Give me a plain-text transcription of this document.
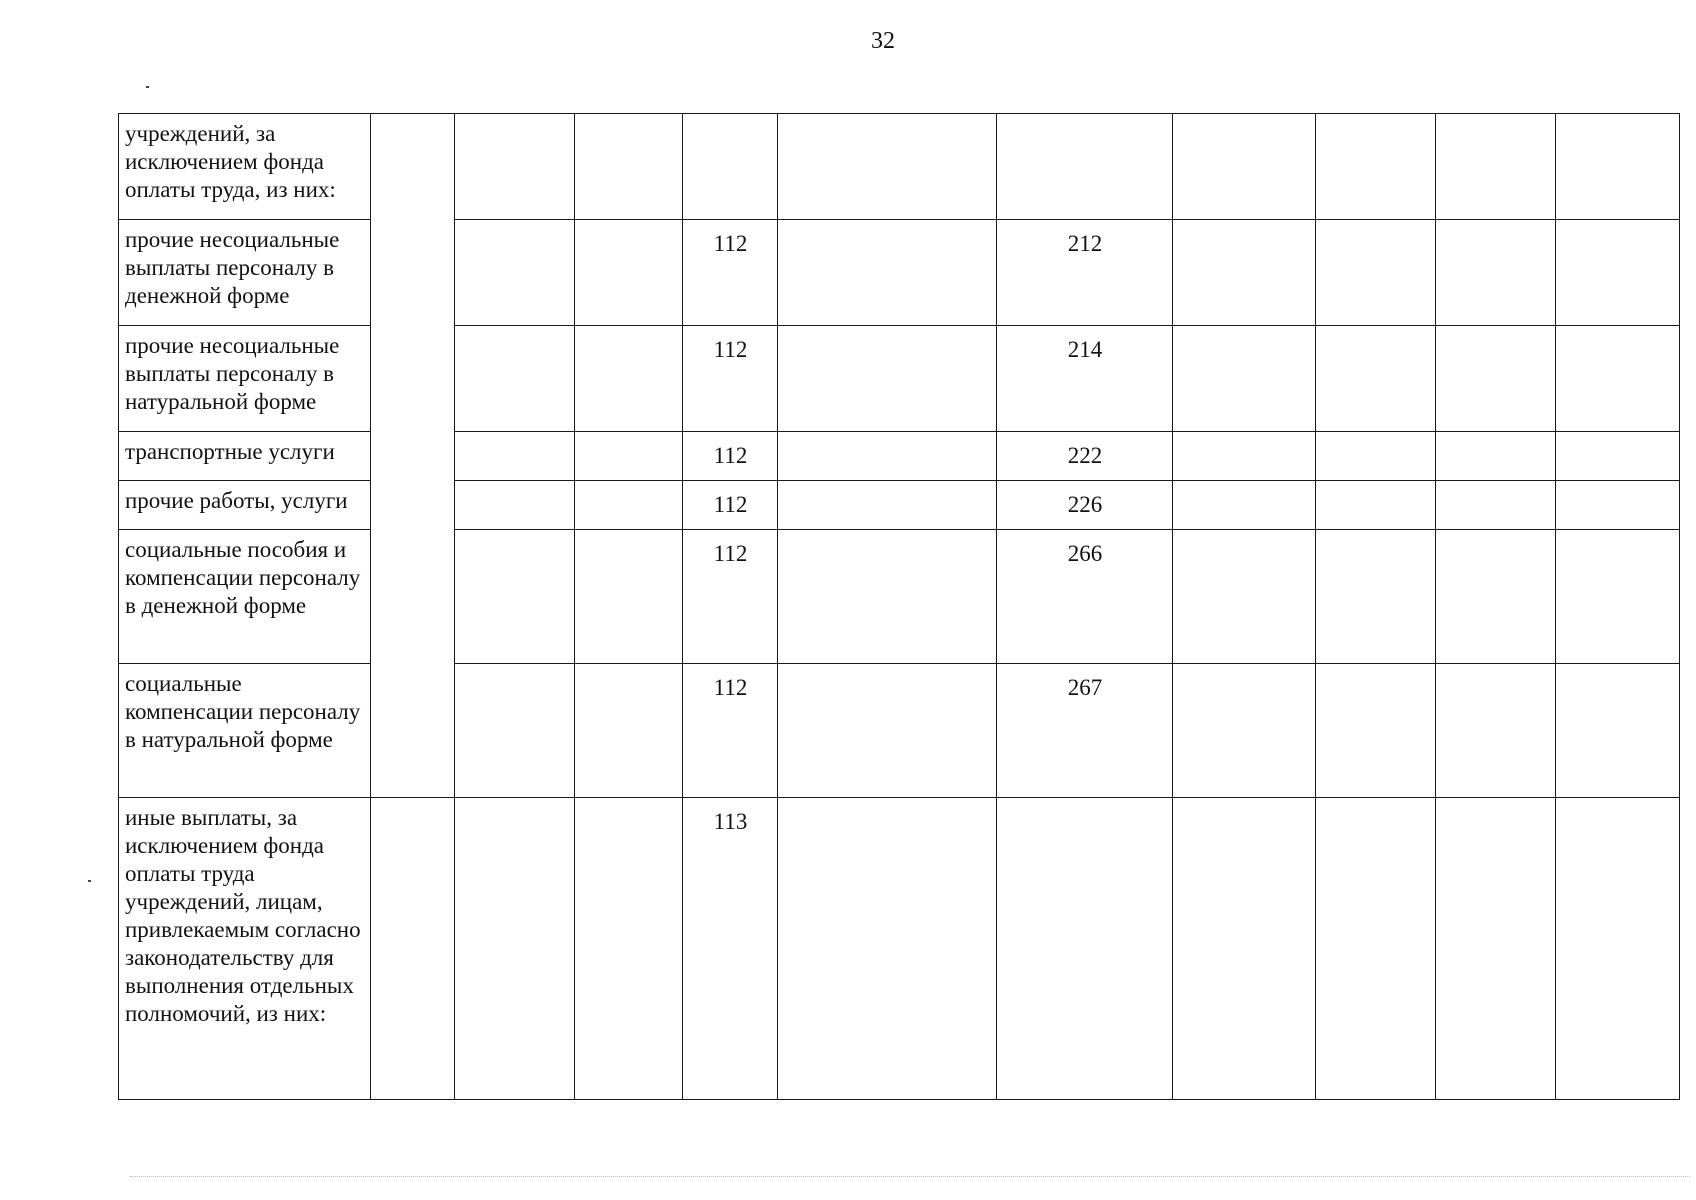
32
учреждений, за исключением фонда оплаты труда, из них:										
прочие несоциальные выплаты персоналу в денежной форме				112		212				
прочие несоциальные выплаты персоналу в натуральной форме				112		214				
транспортные услуги				112		222				
прочие работы, услуги				112		226				
социальные пособия и компенсации персоналу в денежной форме				112		266				
социальные компенсации персоналу в натуральной форме				112		267				
иные выплаты, за исключением фонда оплаты труда учреждений, лицам, привлекаемым согласно законодательству для выполнения отдельных полномочий, из них:				113						
